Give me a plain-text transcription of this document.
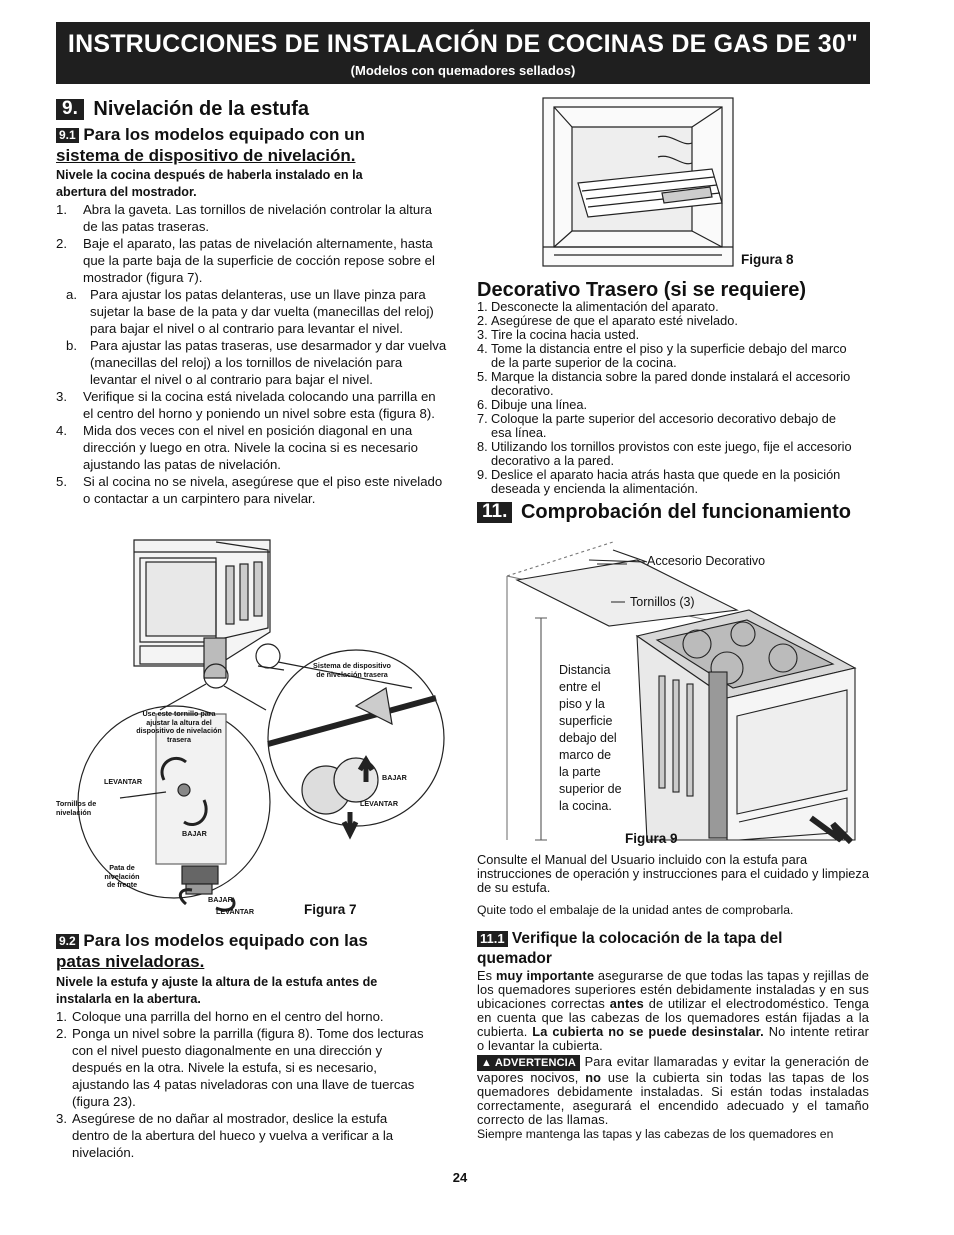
INSTRUCCIONES DE INSTALACIÓN DE COCINAS DE GAS DE 30"
(Modelos con quemadores sellados)
9. Nivelación de la estufa
9.1 Para los modelos equipado con un
sistema de dispositivo de nivelación.
Nivele la cocina después de haberla instalado en la abertura del mostrador.
1. Abra la gaveta. Las tornillos de nivelación controlar la altura de las patas traseras.
2. Baje el aparato, las patas de nivelación alternamente, hasta que la parte baja de la superficie de cocción repose sobre el mostrador (figura 7).
a. Para ajustar los patas delanteras, use un llave pinza para sujetar la base de la pata y dar vuelta (manecillas del reloj) para bajar el nivel o al contrario para levantar el nivel.
b. Para ajustar las patas traseras, use desarmador y dar vuelva (manecillas del reloj) a los tornillos de nivelación para levantar el nivel o al contrario para bajar el nivel.
3. Verifique si la cocina está nivelada colocando una parrilla en el centro del horno y poniendo un nivel sobre esta (figura 8).
4. Mida dos veces con el nivel en posición diagonal en una dirección y luego en otra. Nivele la cocina si es necesario ajustando las patas de nivelación.
5. Si al cocina no se nivela, asegúrese que el piso este nivelado o contactar a un carpintero para nivelar.
Use este tornillo para ajustar la altura del dispositivo de nivelación trasera
Sistema de dispositivo de nivelación trasera
LEVANTAR
BAJAR
Tornillos de nivelación
Pata de nivelación de frente
BAJAR
LEVANTAR
BAJAR
LEVANTAR	Figura 7
9.2 Para los modelos equipado con las
patas niveladoras.
Nivele la estufa y ajuste la altura de la estufa antes de instalarla en la abertura.
1. Coloque una parrilla del horno en el centro del horno.
2. Ponga un nivel sobre la parrilla (figura 8). Tome dos lecturas con el nivel puesto diagonalmente en una dirección y después en la otra. Nivele la estufa, si es necesario, ajustando las 4 patas niveladoras con una llave de tuercas (figura 23).
3. Asegúrese de no dañar al mostrador, deslice la estufa dentro de la abertura del hueco y vuelva a verificar a la nivelación.
Figura 8
Decorativo Trasero (si se requiere)
1. Desconecte la alimentación del aparato.
2. Asegúrese de que el aparato esté nivelado.
3. Tire la cocina hacia usted.
4. Tome la distancia entre el piso y la superficie debajo del marco de la parte superior de la cocina.
5. Marque la distancia sobre la pared donde instalará el accesorio decorativo.
6. Dibuje una línea.
7. Coloque la parte superior del accesorio decorativo debajo de esa línea.
8. Utilizando los tornillos provistos con este juego, fije el accesorio decorativo a la pared.
9. Deslice el aparato hacia atrás hasta que quede en la posición deseada y encienda la alimentación.
11. Comprobación del funcionamiento
Accesorio Decorativo
Tornillos (3)
Distancia
entre el
piso y la
superficie
debajo del
marco de
la parte
superior de
la cocina.
Figura 9
Consulte el Manual del Usuario incluido con la estufa para instrucciones de operación y instrucciones para el cuidado y limpieza de su estufa.
Quite todo el embalaje de la unidad antes de comprobarla.
11.1 Verifique la colocación de la tapa del
quemador
Es muy importante asegurarse de que todas las tapas y rejillas de los quemadores superiores estén debidamente instaladas y en sus ubicaciones correctas antes de utilizar el electrodoméstico. Tenga en cuenta que las cabezas de los quemadores están fijadas a la cubierta. La cubierta no se puede desinstalar. No intente retirar o levantar la cubierta.
▲ ADVERTENCIA Para evitar llamaradas y evitar la generación de vapores nocivos, no use la cubierta sin todas las tapas de los quemadores debidamente instaladas. Si están todas instaladas correctamente, asegurará el encendido adecuado y el tamaño correcto de las llamas.
Siempre mantenga las tapas y las cabezas de los quemadores en
24
